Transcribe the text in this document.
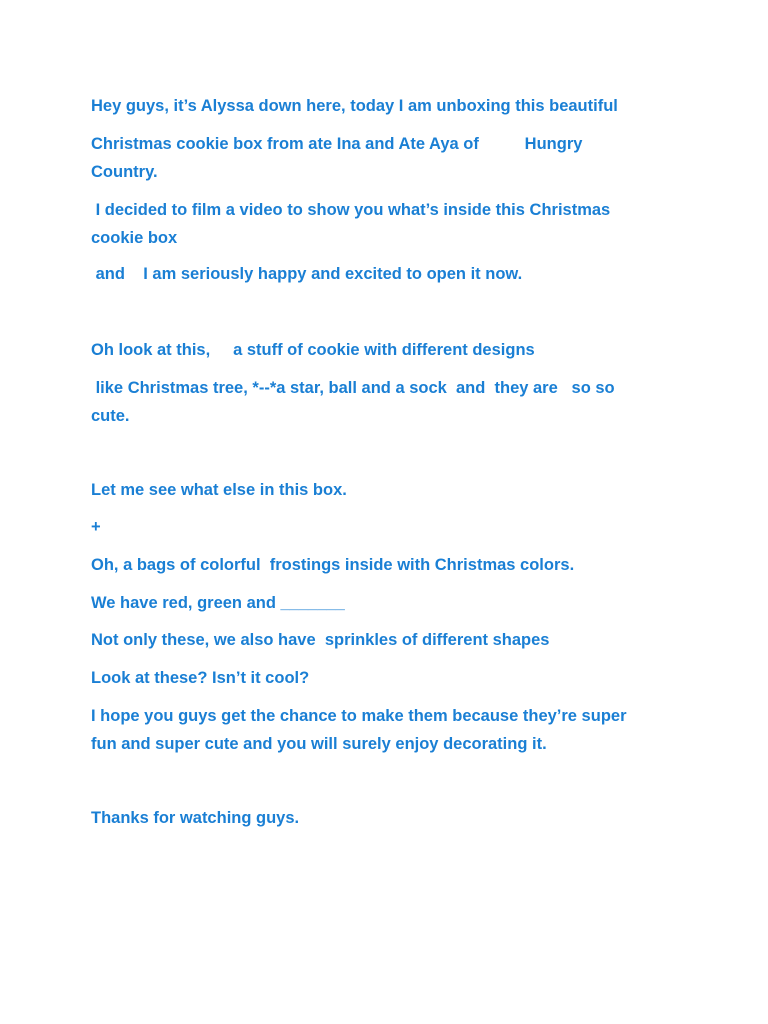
Hey guys, it’s Alyssa down here, today I am unboxing this beautiful

Christmas cookie box from ate Ina and Ate Aya of          Hungry

Country.

I decided to film a video to show you what’s inside this Christmas

cookie box

and    I am seriously happy and excited to open it now.

Oh look at this,     a stuff of cookie with different designs

like Christmas tree, *--*a star, ball and a sock  and  they are   so so

cute.

Let me see what else in this box.

+

Oh, a bags of colorful  frostings inside with Christmas colors.

We have red, green and _______

Not only these, we also have  sprinkles of different shapes

Look at these? Isn’t it cool?

I hope you guys get the chance to make them because they’re super

fun and super cute and you will surely enjoy decorating it.

Thanks for watching guys.
